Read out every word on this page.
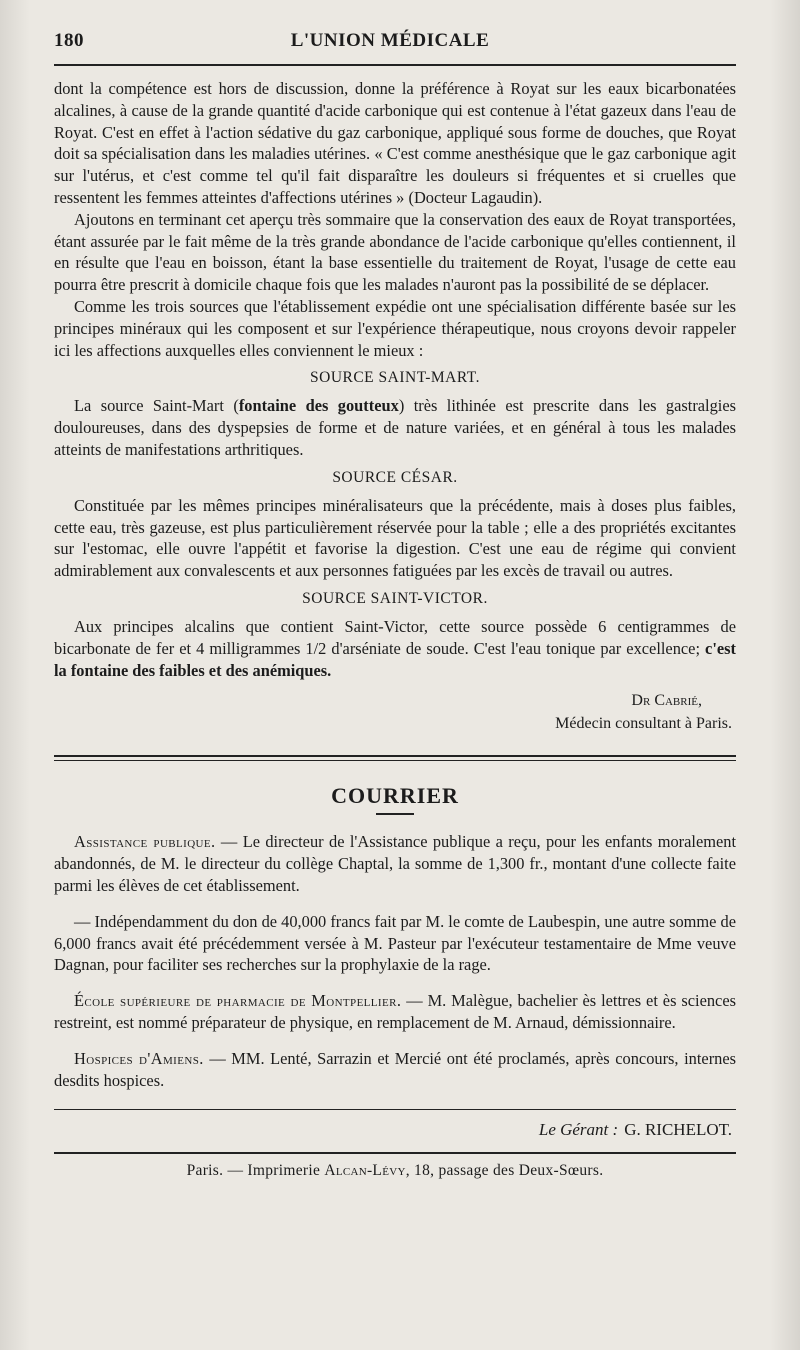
180	L'UNION MÉDICALE

dont la compétence est hors de discussion, donne la préférence à Royat sur les eaux bicarbonatées alcalines, à cause de la grande quantité d'acide carbonique qui est contenue à l'état gazeux dans l'eau de Royat. C'est en effet à l'action sédative du gaz carbonique, appliqué sous forme de douches, que Royat doit sa spécialisation dans les maladies utérines. « C'est comme anesthésique que le gaz carbonique agit sur l'utérus, et c'est comme tel qu'il fait disparaître les douleurs si fréquentes et si cruelles que ressentent les femmes atteintes d'affections utérines » (Docteur Lagaudin).

Ajoutons en terminant cet aperçu très sommaire que la conservation des eaux de Royat transportées, étant assurée par le fait même de la très grande abondance de l'acide carbonique qu'elles contiennent, il en résulte que l'eau en boisson, étant la base essentielle du traitement de Royat, l'usage de cette eau pourra être prescrit à domicile chaque fois que les malades n'auront pas la possibilité de se déplacer.

Comme les trois sources que l'établissement expédie ont une spécialisation différente basée sur les principes minéraux qui les composent et sur l'expérience thérapeutique, nous croyons devoir rappeler ici les affections auxquelles elles conviennent le mieux :

SOURCE SAINT-MART.

La source Saint-Mart (fontaine des goutteux) très lithinée est prescrite dans les gastralgies douloureuses, dans des dyspepsies de forme et de nature variées, et en général à tous les malades atteints de manifestations arthritiques.

SOURCE CÉSAR.

Constituée par les mêmes principes minéralisateurs que la précédente, mais à doses plus faibles, cette eau, très gazeuse, est plus particulièrement réservée pour la table ; elle a des propriétés excitantes sur l'estomac, elle ouvre l'appétit et favorise la digestion. C'est une eau de régime qui convient admirablement aux convalescents et aux personnes fatiguées par les excès de travail ou autres.

SOURCE SAINT-VICTOR.

Aux principes alcalins que contient Saint-Victor, cette source possède 6 centigrammes de bicarbonate de fer et 4 milligrammes 1/2 d'arséniate de soude. C'est l'eau tonique par excellence; c'est la fontaine des faibles et des anémiques.

Dr Cabrié,
Médecin consultant à Paris.
COURRIER

Assistance publique. — Le directeur de l'Assistance publique a reçu, pour les enfants moralement abandonnés, de M. le directeur du collège Chaptal, la somme de 1,300 fr., montant d'une collecte faite parmi les élèves de cet établissement.

— Indépendamment du don de 40,000 francs fait par M. le comte de Laubespin, une autre somme de 6,000 francs avait été précédemment versée à M. Pasteur par l'exécuteur testamentaire de Mme veuve Dagnan, pour faciliter ses recherches sur la prophylaxie de la rage.

École supérieure de pharmacie de Montpellier. — M. Malègue, bachelier ès lettres et ès sciences restreint, est nommé préparateur de physique, en remplacement de M. Arnaud, démissionnaire.

Hospices d'Amiens. — MM. Lenté, Sarrazin et Mercié ont été proclamés, après concours, internes desdits hospices.

Le Gérant : G. RICHELOT.
Paris. — Imprimerie Alcan-Lévy, 18, passage des Deux-Sœurs.
